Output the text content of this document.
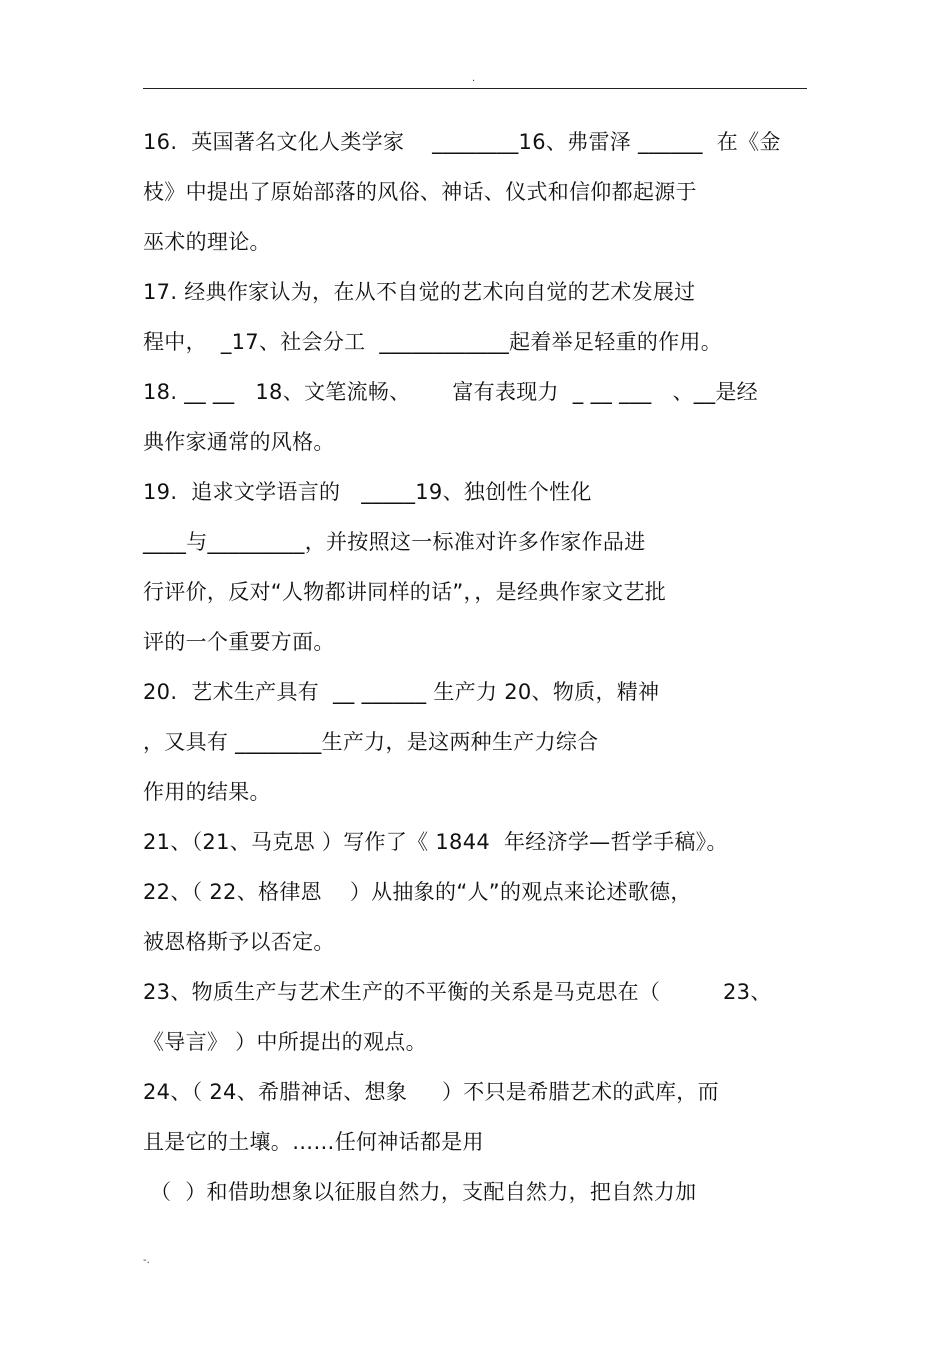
.
16.  英国著名文化人类学家    ________16、弗雷泽 ______  在《金
枝》中提出了原始部落的风俗、神话、仪式和信仰都起源于
巫术的理论。
17. 经典作家认为，在从不自觉的艺术向自觉的艺术发展过
程中，  _17、社会分工  ____________起着举足轻重的作用。
18. __ __   18、文笔流畅、      富有表现力  _ __ ___   、__是经
典作家通常的风格。
19.  追求文学语言的   _____19、独创性个性化
____与_________，并按照这一标准对许多作家作品进
行评价，反对“人物都讲同样的话”，，是经典作家文艺批
评的一个重要方面。
20.  艺术生产具有  __ ______ 生产力 20、物质，精神
，又具有 ________生产力，是这两种生产力综合
作用的结果。
21、（21、马克思 ）写作了《 1844  年经济学—哲学手稿》。
22、（ 22、格律恩    ）从抽象的“人”的观点来论述歌德，
被恩格斯予以否定。
23、物质生产与艺术生产的不平衡的关系是马克思在（         23、
《导言》 ）中所提出的观点。
24、（ 24、希腊神话、想象     ）不只是希腊艺术的武库，而
且是它的土壤。……任何神话都是用
（  ）和借助想象以征服自然力，支配自然力，把自然力加
-.
